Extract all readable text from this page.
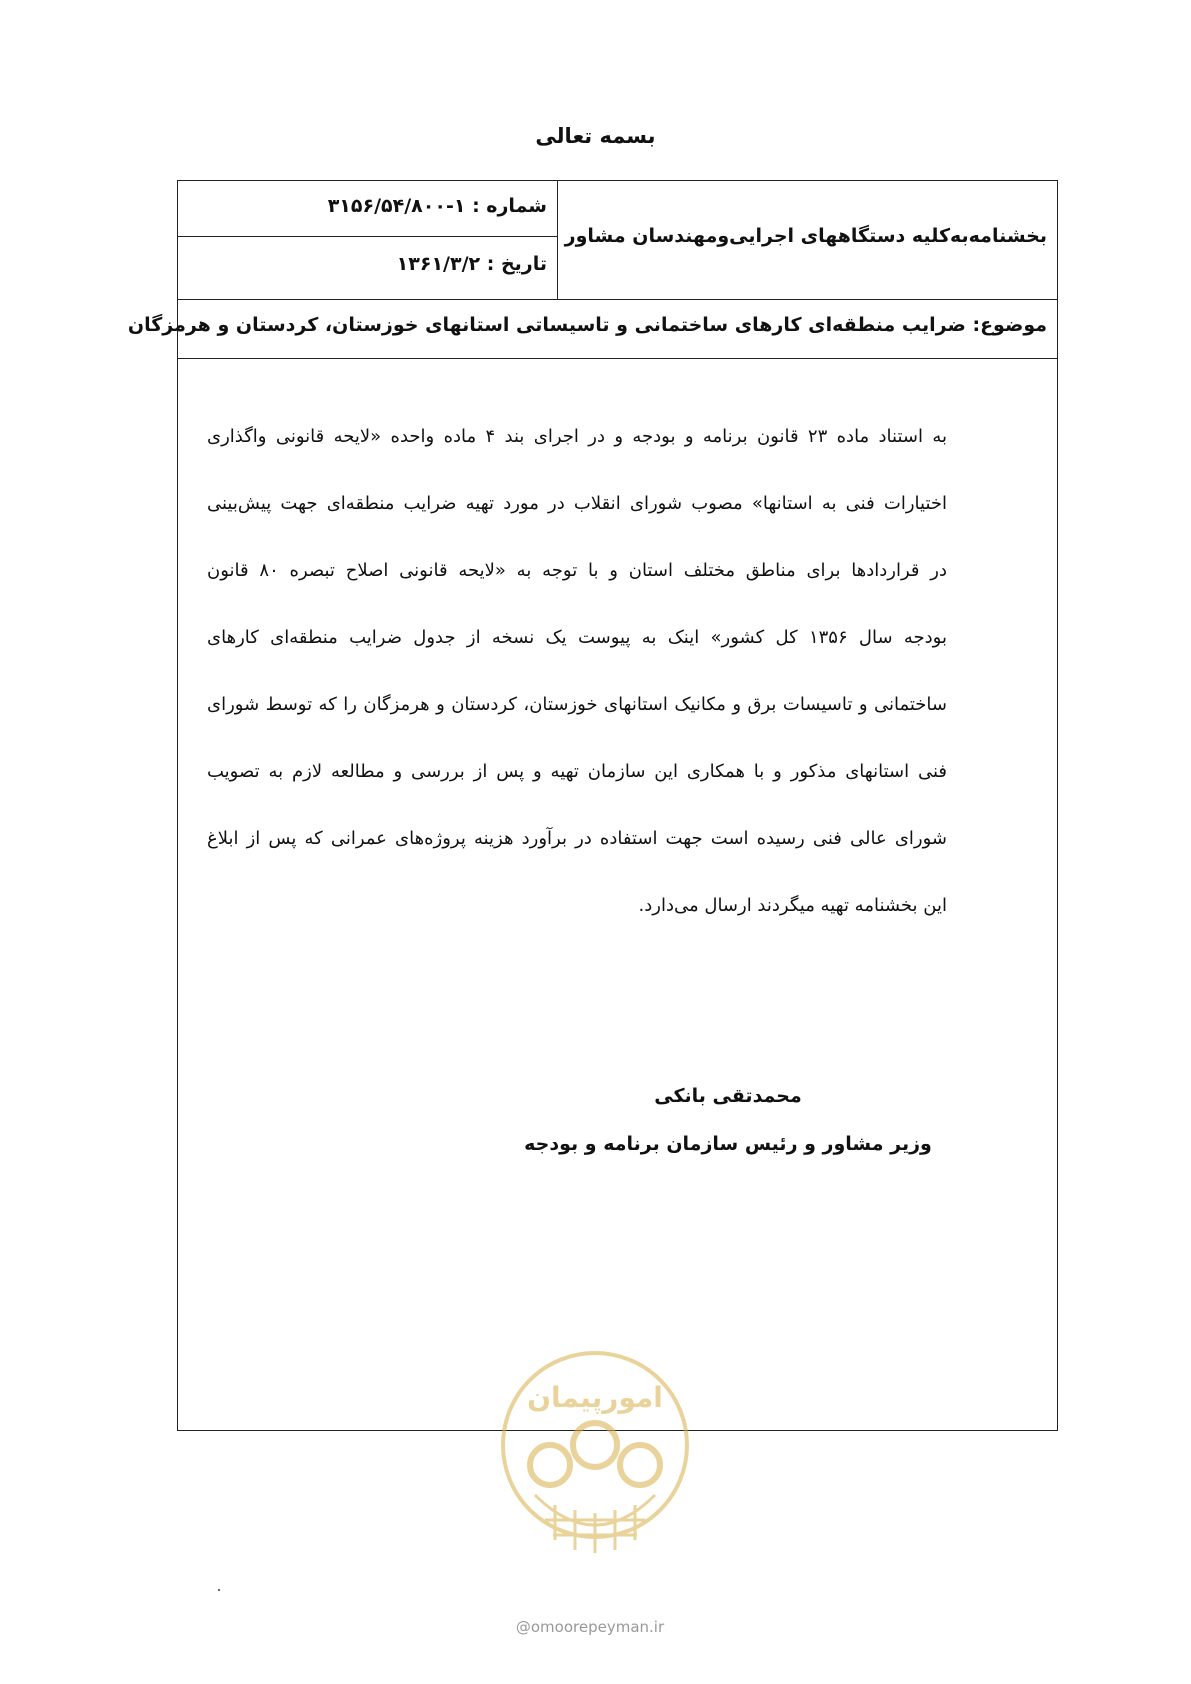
بسمه تعالی
شماره : ۱-۳۱۵۶/۵۴/۸۰۰
تاریخ : ۱۳۶۱/۳/۲
بخشنامه‌به‌کلیه دستگاههای اجرایی‌ومهندسان مشاور
موضوع: ضرایب منطقه‌ای کارهای ساختمانی و تاسیساتی استانهای خوزستان، کردستان و هرمزگان
به استناد ماده ۲۳ قانون برنامه و بودجه و در اجرای بند ۴ ماده واحده «لایحه قانونی واگذاری
اختیارات فنی به استانها» مصوب شورای انقلاب در مورد تهیه ضرایب منطقه‌ای جهت پیش‌بینی
در قراردادها برای مناطق مختلف استان و با توجه به «لایحه قانونی اصلاح تبصره ۸۰ قانون
بودجه سال ۱۳۵۶ کل کشور» اینک به پیوست یک نسخه از جدول ضرایب منطقه‌ای کارهای
ساختمانی و تاسیسات برق و مکانیک استانهای خوزستان، کردستان و هرمزگان را که توسط شورای
فنی استانهای مذکور و با همکاری این سازمان تهیه و پس از بررسی و مطالعه لازم به تصویب
شورای عالی فنی رسیده است جهت استفاده در برآورد هزینه پروژه‌های عمرانی که پس از ابلاغ
این بخشنامه تهیه میگردند ارسال می‌دارد.
محمدتقی بانکی
وزیر مشاور و رئیس سازمان برنامه و بودجه
امورپیمان
@omoorepeyman.ir
